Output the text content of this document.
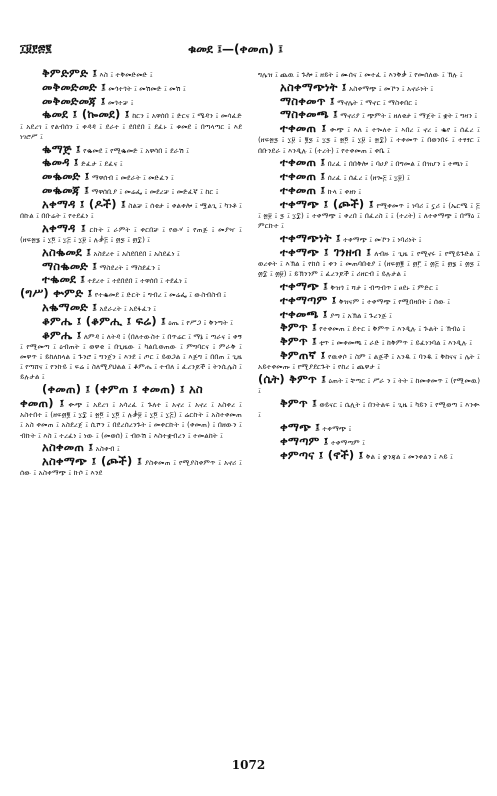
፲፱፻፷፪	ቁመደ ፤—(ቀመጠ) ፤
ቅምድምድ ፤ እስ ፤ ተቅመድመድ ፤
መቅመድመድ ፤ መጎተጎት ፤ መሽመድ ፤ መሽ ፤
መቅመድመጃ ፤ መጎተቻ ፤
ቈመደ ፤ (ኰመደ) ፤ ከርን ፤ አዋሰበ ፤ ድርና ፤ ሜዳን ፤ መሳፈድ ፤ አደረገ ፤ የልብሰን ፤ ቀዳዳ ፤ ደራተ ፤ ደበደበ ፤ ደፈኑ ፤ ቁመደ ፤ በጣላጣር ፤ እደ ነገሮሥ ፤
ቈማጅ ፤ የቈመደ ፤ የሚቈመድ ፤ አዋሳበ ፤ ደራሽ ፤
ቈመዳ ፤ ድፈታ ፤ ደፈና ፤
መቈመድ ፤ ማዋሰብ ፤ መደራት ፤ መድፈን ፤
መቈመጃ ፤ ማዋሰቢያ ፤ መሬፌ ፤ መደረቻ ፤ መድፈኛ ፤ ከር ፤
አቀማዳ ፤ (ዶች) ፤ ስልቻ ፤ ሰቂታ ፤ ቀልቀሎ ፤ ሟልጊ ፤ ካንቶ ፤ በኩል ፤ በቡሬት ፤ የተደፈነ ፤
አቀማዳ ፤ ርኩት ፤ ራምት ፤ ቀርበቻ ፤ የውሃ ፤ የጠጅ ፤ መያዣ ፤ (ዘፍ፳፮ ፤ ፲፬ ፤ ፲፭ ፤ ፲፱ ፤ ሉቃ፭ ፤ ፴፯ ፤ ፴፰) ፤
አስቈመደ ፤ አስደረተ ፤ አስደበደበ ፤ አስደፈነ ፤
ማስቈመድ ፤ ማስደረት ፤ ማስደፈን ፤
ተቈመደ ፤ ተደረተ ፤ ተደበደበ ፤ ተዋሰበ ፤ ተደፈነ ፤
(ግሥ) ቍምድ ፤ የተቈመደ ፤ ድርት ፤ ግብረ ፤ መሬፌ ፤ ውስብስብ ፤
አቈማመድ ፤ አደራረት ፤ አደፋፈን ፤
ቆምሔ ፤ (ቆምሒ ፤ ፍሬ) ፤ ዕጤ ፤ የሥጋ ፤ ቅንጣት ፤
ቆምሔ ፤ ለምዳ ፤ ለትዳ ፤ (በለተውስተ ፤ በጥሬር ፤ ማኔ ፤ ጣራና ፤ ቀኝ ፤ የሚመጣ ፤ ዕብጠት ፤ ወዋቂ ፤ በጊዜው ፤ ካልቢወጠው ፤ ምግባርና ፤ ምራቅ ፤ መዋጥ ፤ ይከለክላል ፤ ጉንሮ ፤ ግንጀን ፤ እንደ ፤ ጦር ፤ ይወጋል ፤ እጅግ ፤ በበጠ ፤ ጊዜ ፤ የጣሸና ፤ የንኩይ ፤ ፍሬ ፤ ስለሚያህልል ፤ ቆምሔ ፤ ተብለ ፤ ፈረንጆች ፤ ትንሲሌስ ፤ ይሉታል ፤
(ቀመጠ) ፤ (ቀምጠ ፤ ቀመጠ) ፤ አስ
ቀመጠ) ፤ ቍጭ ፤ አደረገ ፤ አሳረፈ ፤ ጉለተ ፤ አኖረ ፤ አኖረ ፤ አስቀረ ፤ አስተበተ ፤ (ዘፍ፴፪ ፤ ፲፰ ፤ ፳፬ ፤ ፲፬ ፤ ሉቃ፱ ፤ ፲፬ ፤ ፲፭) ፤ ሬርኩት ፤ አስተቀመጠ ፤ አስ ቀመጠ ፤ አስደረጀ ፤ ሲሾን ፤ በደረሰረንጉት ፤ መቀርኩት ፤ (ቀመጠ) ፤ በዘውን ፤ ብኩት ፤ እስ ፤ ተረፈነ ፤ ነው ፤ (መወሰ) ፤ ብዑሽ ፤ እስተቋብረን ፤ ተመልከት ፤
አስቀመጠ ፤ አስቀብ ፤
አስቀማጭ ፤ (ጮች) ፤ ያስቀመጠ ፤ የሚያስቀምጥ ፤ አኖሪ ፤ ሰው ፤ አስቀማጭ ፤ ኩሶ ፤ እንደ
ግሌዝ ፤ ጨዉ ፤ ጉሎ ፤ ዘይት ፤ ሙሰና ፤ መተፈ ፤ እንቅቃ ፤ የመሰለው ፤ ኽሉ ፤
አስቀማጭነት ፤ አስቀማጭ ፤ መኾን ፤ አኖራነት ፤
ማስቀመጥ ፤ ማኖሌት ፤ ማኖር ፤ ማስቀበር ፤
ማስቀመጫ ፤ ማኖሪያ ፤ ጭምት ፤ ዘለቂታ ፤ ማጀት ፤ ቋት ፤ ግዛን ፤
ተቀመጠ ፤ ቍጭ ፤ እለ ፤ ተጐለተ ፤ ኣበረ ፤ ኖረ ፤ ቈየ ፤ ሰፈረ ፤ (ዘፍ፳፯ ፤ ፲፱ ፤ ፪፯ ፤ ፲፯ ፤ ፳፬ ፤ ፲፱ ፤ ፳፰) ፤ ተቀመጥ ፤ በወንበሩ ፤ ተፃፃር ፤ በቡንደራ ፤ እንዲሉ ፤ (ተረት) ፤ የተቀመጠ ፤ ቀቤ ፤
ተቀመጠ ፤ በረፈ ፤ በበቅሎ ፤ ባሀያ ፤ በግመል ፤ በዝሆን ፤ ተጫነ ፤
ተቀመጠ ፤ ሰረፈ ፤ ሰፈረ ፤ (ዘጐ፭ ፤ ፲፱) ፤
ተቀመጠ ፤ ኩላ ፤ ቀዘነ ፤
ተቀማጭ ፤ (ጮች) ፤ የሚቀመጥ ፤ ነባሪ ፤ ኗሪ ፤ (ኤርሜ ፤ ፭ ፤ ፳፱ ፤ ፯ ፤ ፲፰) ፤ ተቀማጭ ፤ ቀረበ ፤ በፈረስ ፤ ፤ (ተረት) ፤ ለተቀማጭ ፤ በማዕ ፤ ምርኩተ ፤
ተቀማጭነት ፤ ተቀማጭ ፤ መኾን ፤ ነባሪነት ፤
ተቀማጭ ፤ ገንዘብ ፤ ለብዙ ፤ ጊዜ ፤ የሚኖሩ ፤ የሚይጉድል ፤ ወረቀት ፤ እኽል ፤ የከሰ ፤ ቀን ፤ መጠባበቂያ ፤ (ዘፍ፴፪ ፤ ፴፫ ፤ ፴፭ ፤ ፴፮ ፤ ፴፯ ፤ ፴፰ ፤ ፴፱) ፤ ይኽንንም ፤ ፈረንጆች ፤ ሪዘርብ ፤ ይሉታል ፤
ተቀማጭ ፤ ቅዝጎ ፤ ሻታ ፤ ብጣብጥ ፤ ፀደኑ ፤ ምድር ፤
ተቀማጣም ፤ ቅዝናም ፤ ተቀማጭ ፤ የሚበዛበት ፤ ሰው ፤
ተቀመጫ ፤ ያጣ ፤ አኽል ፤ ጉረንጅ ፤
ቅምጥ ፤ የተቀመጠ ፤ ደተር ፤ ቅምጥ ፤ እንዲሉ ፤ ጕልት ፤ ኽብዕ ፤
ቅምጥ ፤ ቲጥ ፤ መቀመጫ ፤ ራድ ፤ ከቅምጥ ፤ ይፈነንባል ፤ እንዲሉ ፤
ቅምጠኛ ፤ የዉቀሶ ፤ ስም ፤ ልጅች ፤ አንዱ ፤ ባንዱ ፤ ቅከናና ፤ ሌት ፤ አይተቀመጡ ፤ የሚያደርጉት ፤ የከረ ፤ ጨዋታ ፤
(ሴት) ቅምጥ ፤ ዕጠት ፤ ቸጣር ፤ ሥራ ን ፤ ትት ፤ ከመቀመጥ ፤ (የሚመዉ) ፤
ቅምጥ ፤ ወይናር ፤ ሴሊት ፤ በንትልፍ ፤ ጊዜ ፤ ካይን ፤ የሚወጣ ፤ እንቍ ፤
ቀማጭ ፤ ተቀማጭ ፤
ቀማጣም ፤ ተቀማጣም ፤
ቀምጣና ፤ (ኖች) ፤ ቅል ፤ ቋንጃል ፤ መንቀልን ፤ እይ ፤
1072
